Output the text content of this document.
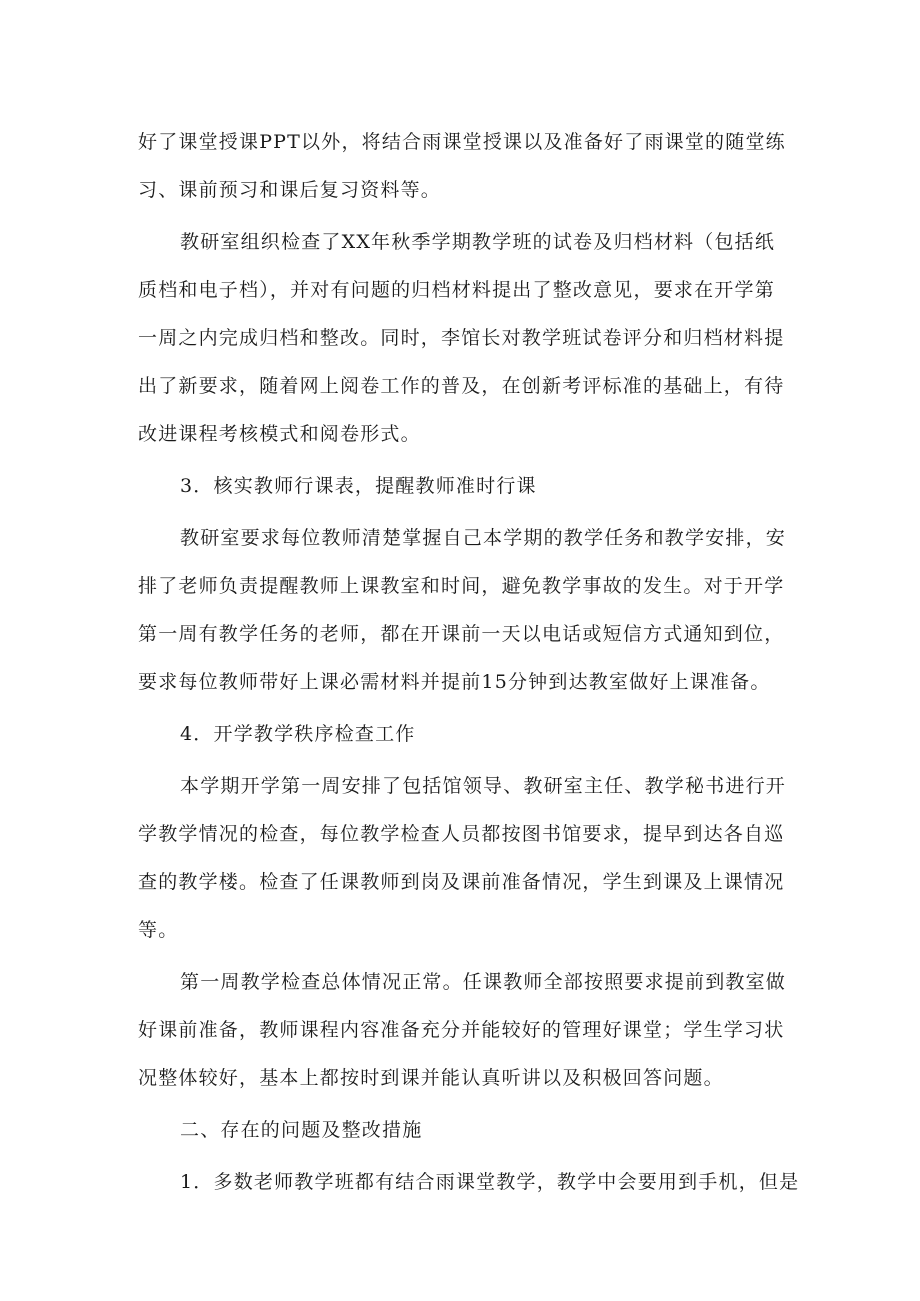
好了课堂授课PPT以外，将结合雨课堂授课以及准备好了雨课堂的随堂练
习、课前预习和课后复习资料等。
教研室组织检查了XX年秋季学期教学班的试卷及归档材料（包括纸
质档和电子档），并对有问题的归档材料提出了整改意见，要求在开学第
一周之内完成归档和整改。同时，李馆长对教学班试卷评分和归档材料提
出了新要求，随着网上阅卷工作的普及，在创新考评标准的基础上，有待
改进课程考核模式和阅卷形式。
3．核实教师行课表，提醒教师准时行课
教研室要求每位教师清楚掌握自己本学期的教学任务和教学安排，安
排了老师负责提醒教师上课教室和时间，避免教学事故的发生。对于开学
第一周有教学任务的老师，都在开课前一天以电话或短信方式通知到位，
要求每位教师带好上课必需材料并提前15分钟到达教室做好上课准备。
4．开学教学秩序检查工作
本学期开学第一周安排了包括馆领导、教研室主任、教学秘书进行开
学教学情况的检查，每位教学检查人员都按图书馆要求，提早到达各自巡
查的教学楼。检查了任课教师到岗及课前准备情况，学生到课及上课情况
等。
第一周教学检查总体情况正常。任课教师全部按照要求提前到教室做
好课前准备，教师课程内容准备充分并能较好的管理好课堂；学生学习状
况整体较好，基本上都按时到课并能认真听讲以及积极回答问题。
二、存在的问题及整改措施
1．多数老师教学班都有结合雨课堂教学，教学中会要用到手机，但是
